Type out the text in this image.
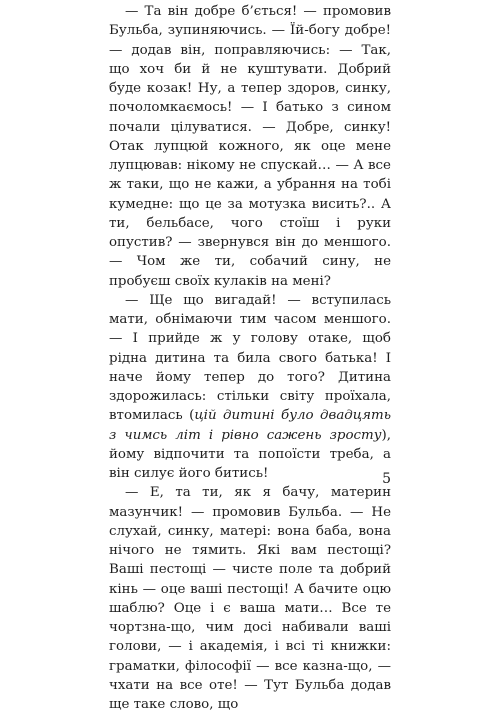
— Та він добре б’ється! — промовив Бульба, зупиняючись. — Їй-богу добре! — додав він, поправляючись: — Так, що хоч би й не куштувати. Добрий буде козак! Ну, а тепер здоров, синку, почоломкаємось! — І батько з сином почали цілуватися. — Добре, синку! Отак лупцюй кожного, як оце мене лупцював: нікому не спускай… — А все ж таки, що не кажи, а убрання на тобі кумедне: що це за мотузка висить?.. А ти, бельбасе, чого стоїш і руки опустив? — звернувся він до меншого. — Чом же ти, собачий сину, не пробуєш своїх кулаків на мені?

— Ще що вигадай! — вступилась мати, обнімаючи тим часом меншого. — І прийде ж у голову отаке, щоб рідна дитина та била свого батька! І наче йому тепер до того? Дитина здорожилась: стільки світу проїхала, втомилась (цій дитині було двадцять з чимсь літ і рівно сажень зросту), йому відпочити та попоїсти треба, а він силує його битись!

— Е, та ти, як я бачу, материн мазунчик! — промовив Бульба. — Не слухай, синку, матері: вона баба, вона нічого не тямить. Які вам пестощі? Ваші пестощі — чисте поле та добрий кінь — оце ваші пестощі! А бачите оцю шаблю? Оце і є ваша мати… Все те чортзна-що, чим досі набивали ваші голови, — і академія, і всі ті книжки: граматки, філософії — все казна-що, — чхати на все оте! — Тут Бульба додав ще таке слово, що

5
